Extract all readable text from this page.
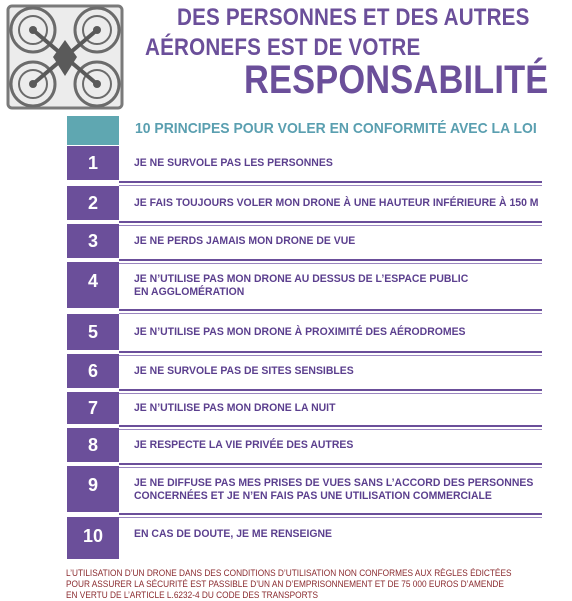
DES PERSONNES ET DES AUTRES
AÉRONEFS EST DE VOTRE
RESPONSABILITÉ
10 PRINCIPES POUR VOLER EN CONFORMITÉ AVEC LA LOI
1	JE NE SURVOLE PAS LES PERSONNES
2	JE FAIS TOUJOURS VOLER MON DRONE À UNE HAUTEUR INFÉRIEURE À 150 M
3	JE NE PERDS JAMAIS MON DRONE DE VUE
4	JE N’UTILISE PAS MON DRONE AU DESSUS DE L’ESPACE PUBLIC
EN AGGLOMÉRATION
5	JE N’UTILISE PAS MON DRONE À PROXIMITÉ DES AÉRODROMES
6	JE NE SURVOLE PAS DE SITES SENSIBLES
7	JE N’UTILISE PAS MON DRONE LA NUIT
8	JE RESPECTE LA VIE PRIVÉE DES AUTRES
9	JE NE DIFFUSE PAS MES PRISES DE VUES SANS L’ACCORD DES PERSONNES
CONCERNÉES ET JE N’EN FAIS PAS UNE UTILISATION COMMERCIALE
10	EN CAS DE DOUTE, JE ME RENSEIGNE
L’UTILISATION D’UN DRONE DANS DES CONDITIONS D’UTILISATION NON CONFORMES AUX RÈGLES ÉDICTÉES
POUR ASSURER LA SÉCURITÉ EST PASSIBLE D’UN AN D’EMPRISONNEMENT ET DE 75 000 EUROS D’AMENDE
EN VERTU DE L’ARTICLE L.6232-4 DU CODE DES TRANSPORTS
